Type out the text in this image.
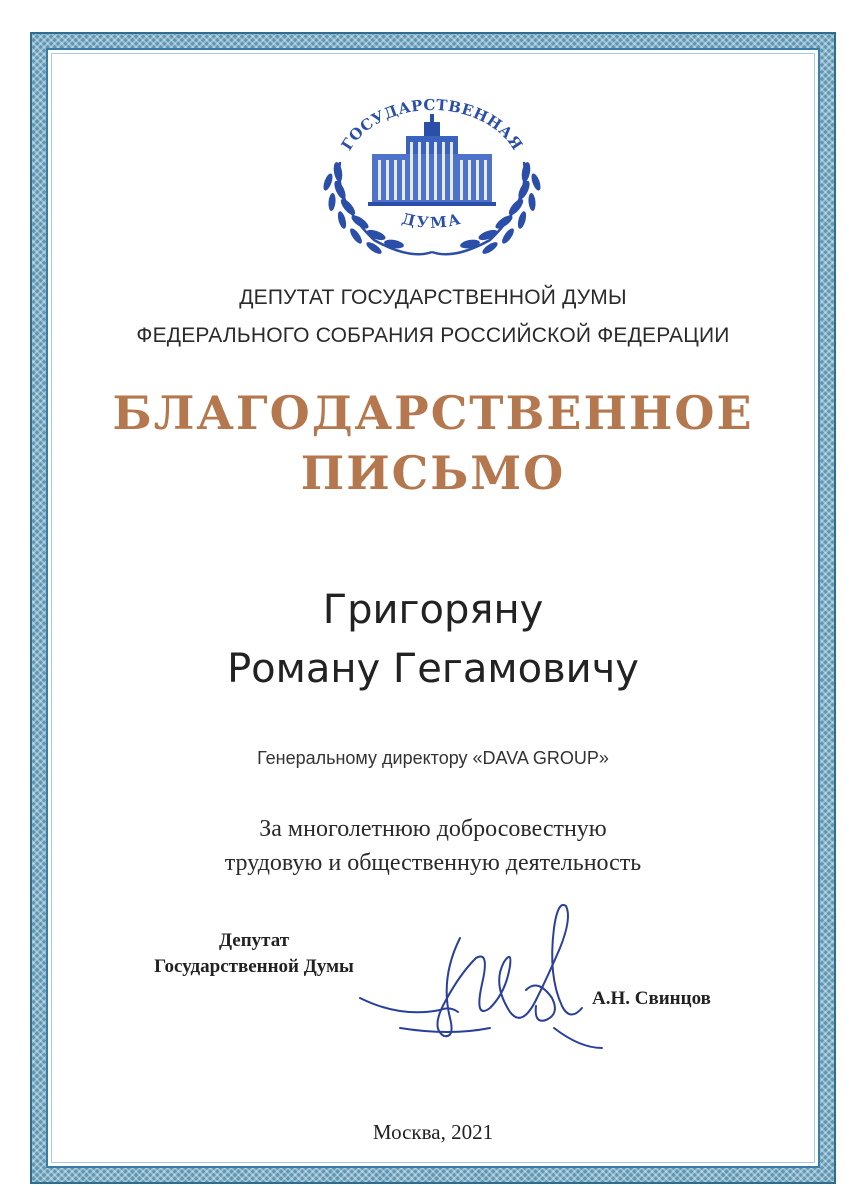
ГОСУДАРСТВЕННАЯ
ДУМА
ДЕПУТАТ ГОСУДАРСТВЕННОЙ ДУМЫ
ФЕДЕРАЛЬНОГО СОБРАНИЯ РОССИЙСКОЙ ФЕДЕРАЦИИ
БЛАГОДАРСТВЕННОЕ
ПИСЬМО
Григоряну
Роману Гегамовичу
Генеральному директору «DAVA GROUP»
За многолетнюю добросовестную
трудовую и общественную деятельность
Депутат
Государственной Думы
А.Н. Свинцов
Москва, 2021
